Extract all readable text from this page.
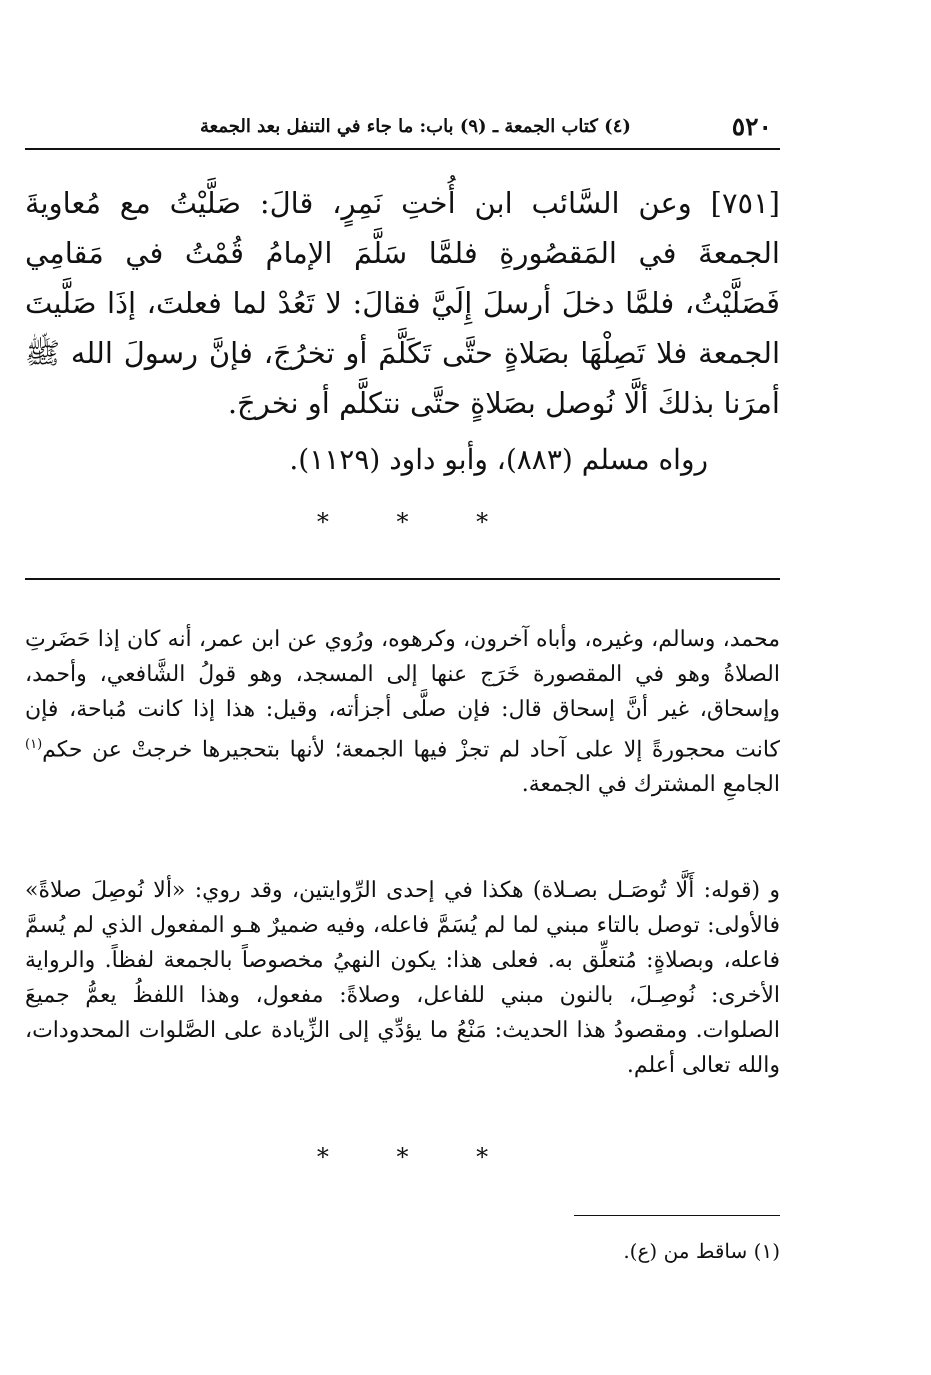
٥٢٠
(٤) كتاب الجمعة ـ (٩) باب: ما جاء في التنفل بعد الجمعة
[٧٥١] وعن السَّائب ابن أُختِ نَمِرٍ، قالَ: صَلَّيْتُ مع مُعاويةَ الجمعةَ في المَقصُورةِ فلمَّا سَلَّمَ الإمامُ قُمْتُ في مَقامِي فَصَلَّيْتُ، فلمَّا دخلَ أرسلَ إِلَيَّ فقالَ: لا تَعُدْ لما فعلتَ، إذَا صَلَّيتَ الجمعة فلا تَصِلْهَا بصَلاةٍ حتَّى تَكَلَّمَ أو تخرُجَ، فإنَّ رسولَ الله ﷺ أمرَنا بذلكَ ألَّا نُوصل بصَلاةٍ حتَّى نتكلَّم أو نخرجَ.
رواه مسلم (٨٨٣)، وأبو داود (١١٢٩).
* * *
محمد، وسالم، وغيره، وأباه آخرون، وكرهوه، ورُوي عن ابن عمر، أنه كان إذا حَضَرتِ الصلاةُ وهو في المقصورة خَرَج عنها إلى المسجد، وهو قولُ الشَّافعي، وأحمد، وإسحاق، غير أنَّ إسحاق قال: فإن صلَّى أجزأته، وقيل: هذا إذا كانت مُباحة، فإن كانت محجورةً إلا على آحاد لم تجزْ فيها الجمعة؛ لأنها بتحجيرها خرجتْ عن حكم$^{(١)}$ الجامعِ المشترك في الجمعة.
و (قوله: أَلَّا تُوصَـل بصـلاة) هكذا في إحدى الرِّوايتين، وقد روي: «ألا نُوصِلَ صلاةً» فالأولى: توصل بالتاء مبني لما لم يُسَمَّ فاعله، وفيه ضميرٌ هـو المفعول الذي لم يُسمَّ فاعله، وبصلاةٍ: مُتعلِّق به. فعلى هذا: يكون النهيُ مخصوصاً بالجمعة لفظاً. والرواية الأخرى: نُوصِـلَ، بالنون مبني للفاعل، وصلاةً: مفعول، وهذا اللفظُ يعمُّ جميعَ الصلوات. ومقصودُ هذا الحديث: مَنْعُ ما يؤدِّي إلى الزِّيادة على الصَّلوات المحدودات، والله تعالى أعلم.
* * *
(١) ساقط من (ع).
